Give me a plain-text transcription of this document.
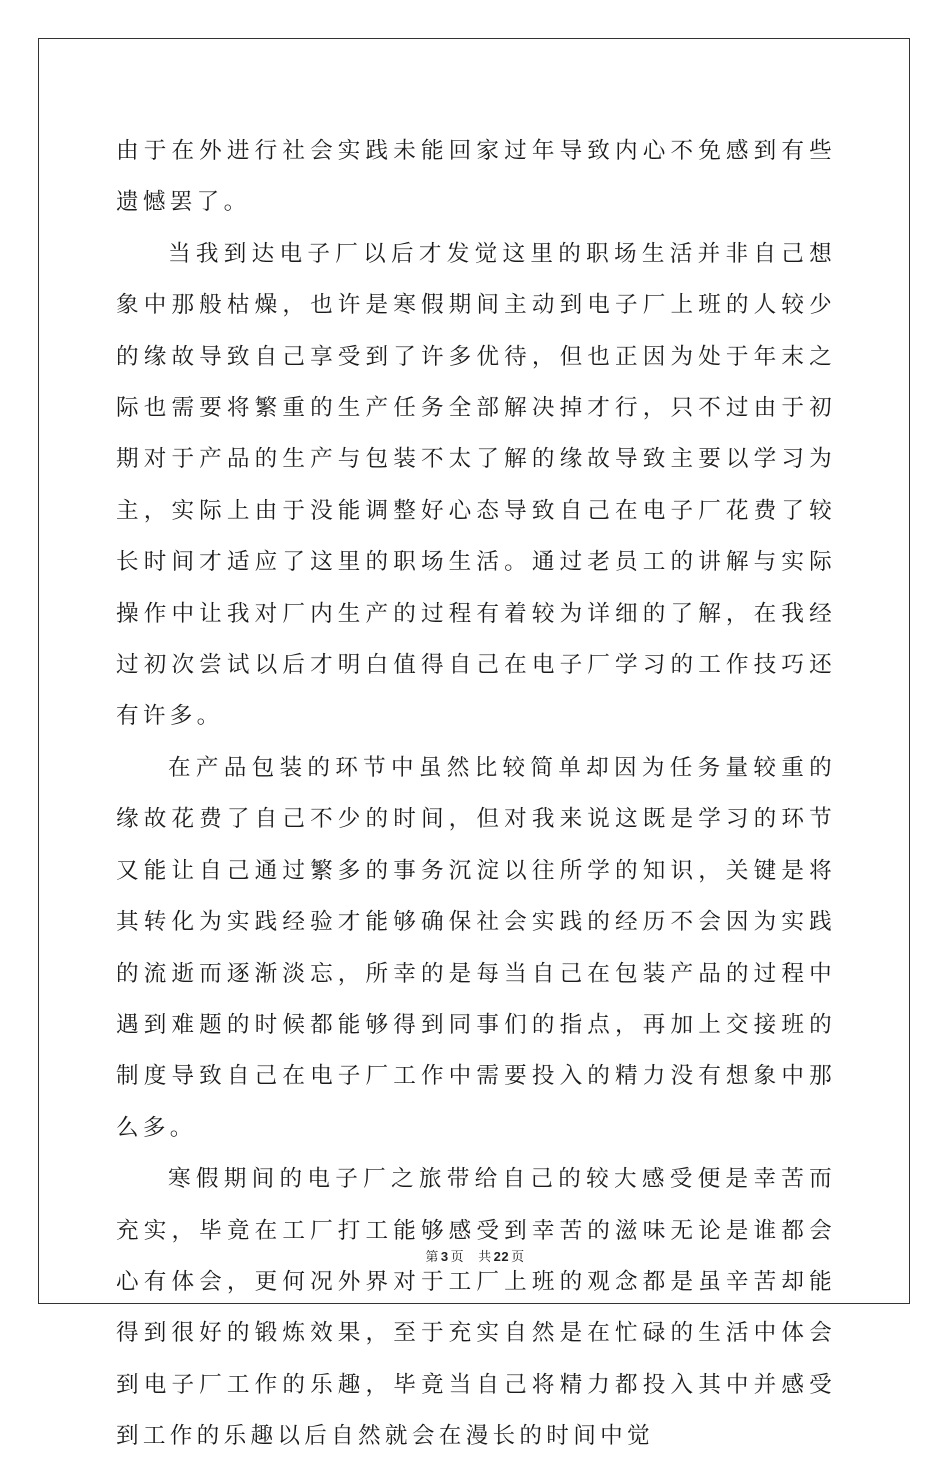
由于在外进行社会实践未能回家过年导致内心不免感到有些遗憾罢了。

当我到达电子厂以后才发觉这里的职场生活并非自己想象中那般枯燥，也许是寒假期间主动到电子厂上班的人较少的缘故导致自己享受到了许多优待，但也正因为处于年末之际也需要将繁重的生产任务全部解决掉才行，只不过由于初期对于产品的生产与包装不太了解的缘故导致主要以学习为主，实际上由于没能调整好心态导致自己在电子厂花费了较长时间才适应了这里的职场生活。通过老员工的讲解与实际操作中让我对厂内生产的过程有着较为详细的了解，在我经过初次尝试以后才明白值得自己在电子厂学习的工作技巧还有许多。

在产品包装的环节中虽然比较简单却因为任务量较重的缘故花费了自己不少的时间，但对我来说这既是学习的环节又能让自己通过繁多的事务沉淀以往所学的知识，关键是将其转化为实践经验才能够确保社会实践的经历不会因为实践的流逝而逐渐淡忘，所幸的是每当自己在包装产品的过程中遇到难题的时候都能够得到同事们的指点，再加上交接班的制度导致自己在电子厂工作中需要投入的精力没有想象中那么多。

寒假期间的电子厂之旅带给自己的较大感受便是幸苦而充实，毕竟在工厂打工能够感受到幸苦的滋味无论是谁都会心有体会，更何况外界对于工厂上班的观念都是虽辛苦却能得到很好的锻炼效果，至于充实自然是在忙碌的生活中体会到电子厂工作的乐趣，毕竟当自己将精力都投入其中并感受到工作的乐趣以后自然就会在漫长的时间中觉

第 3 页 共 22 页
